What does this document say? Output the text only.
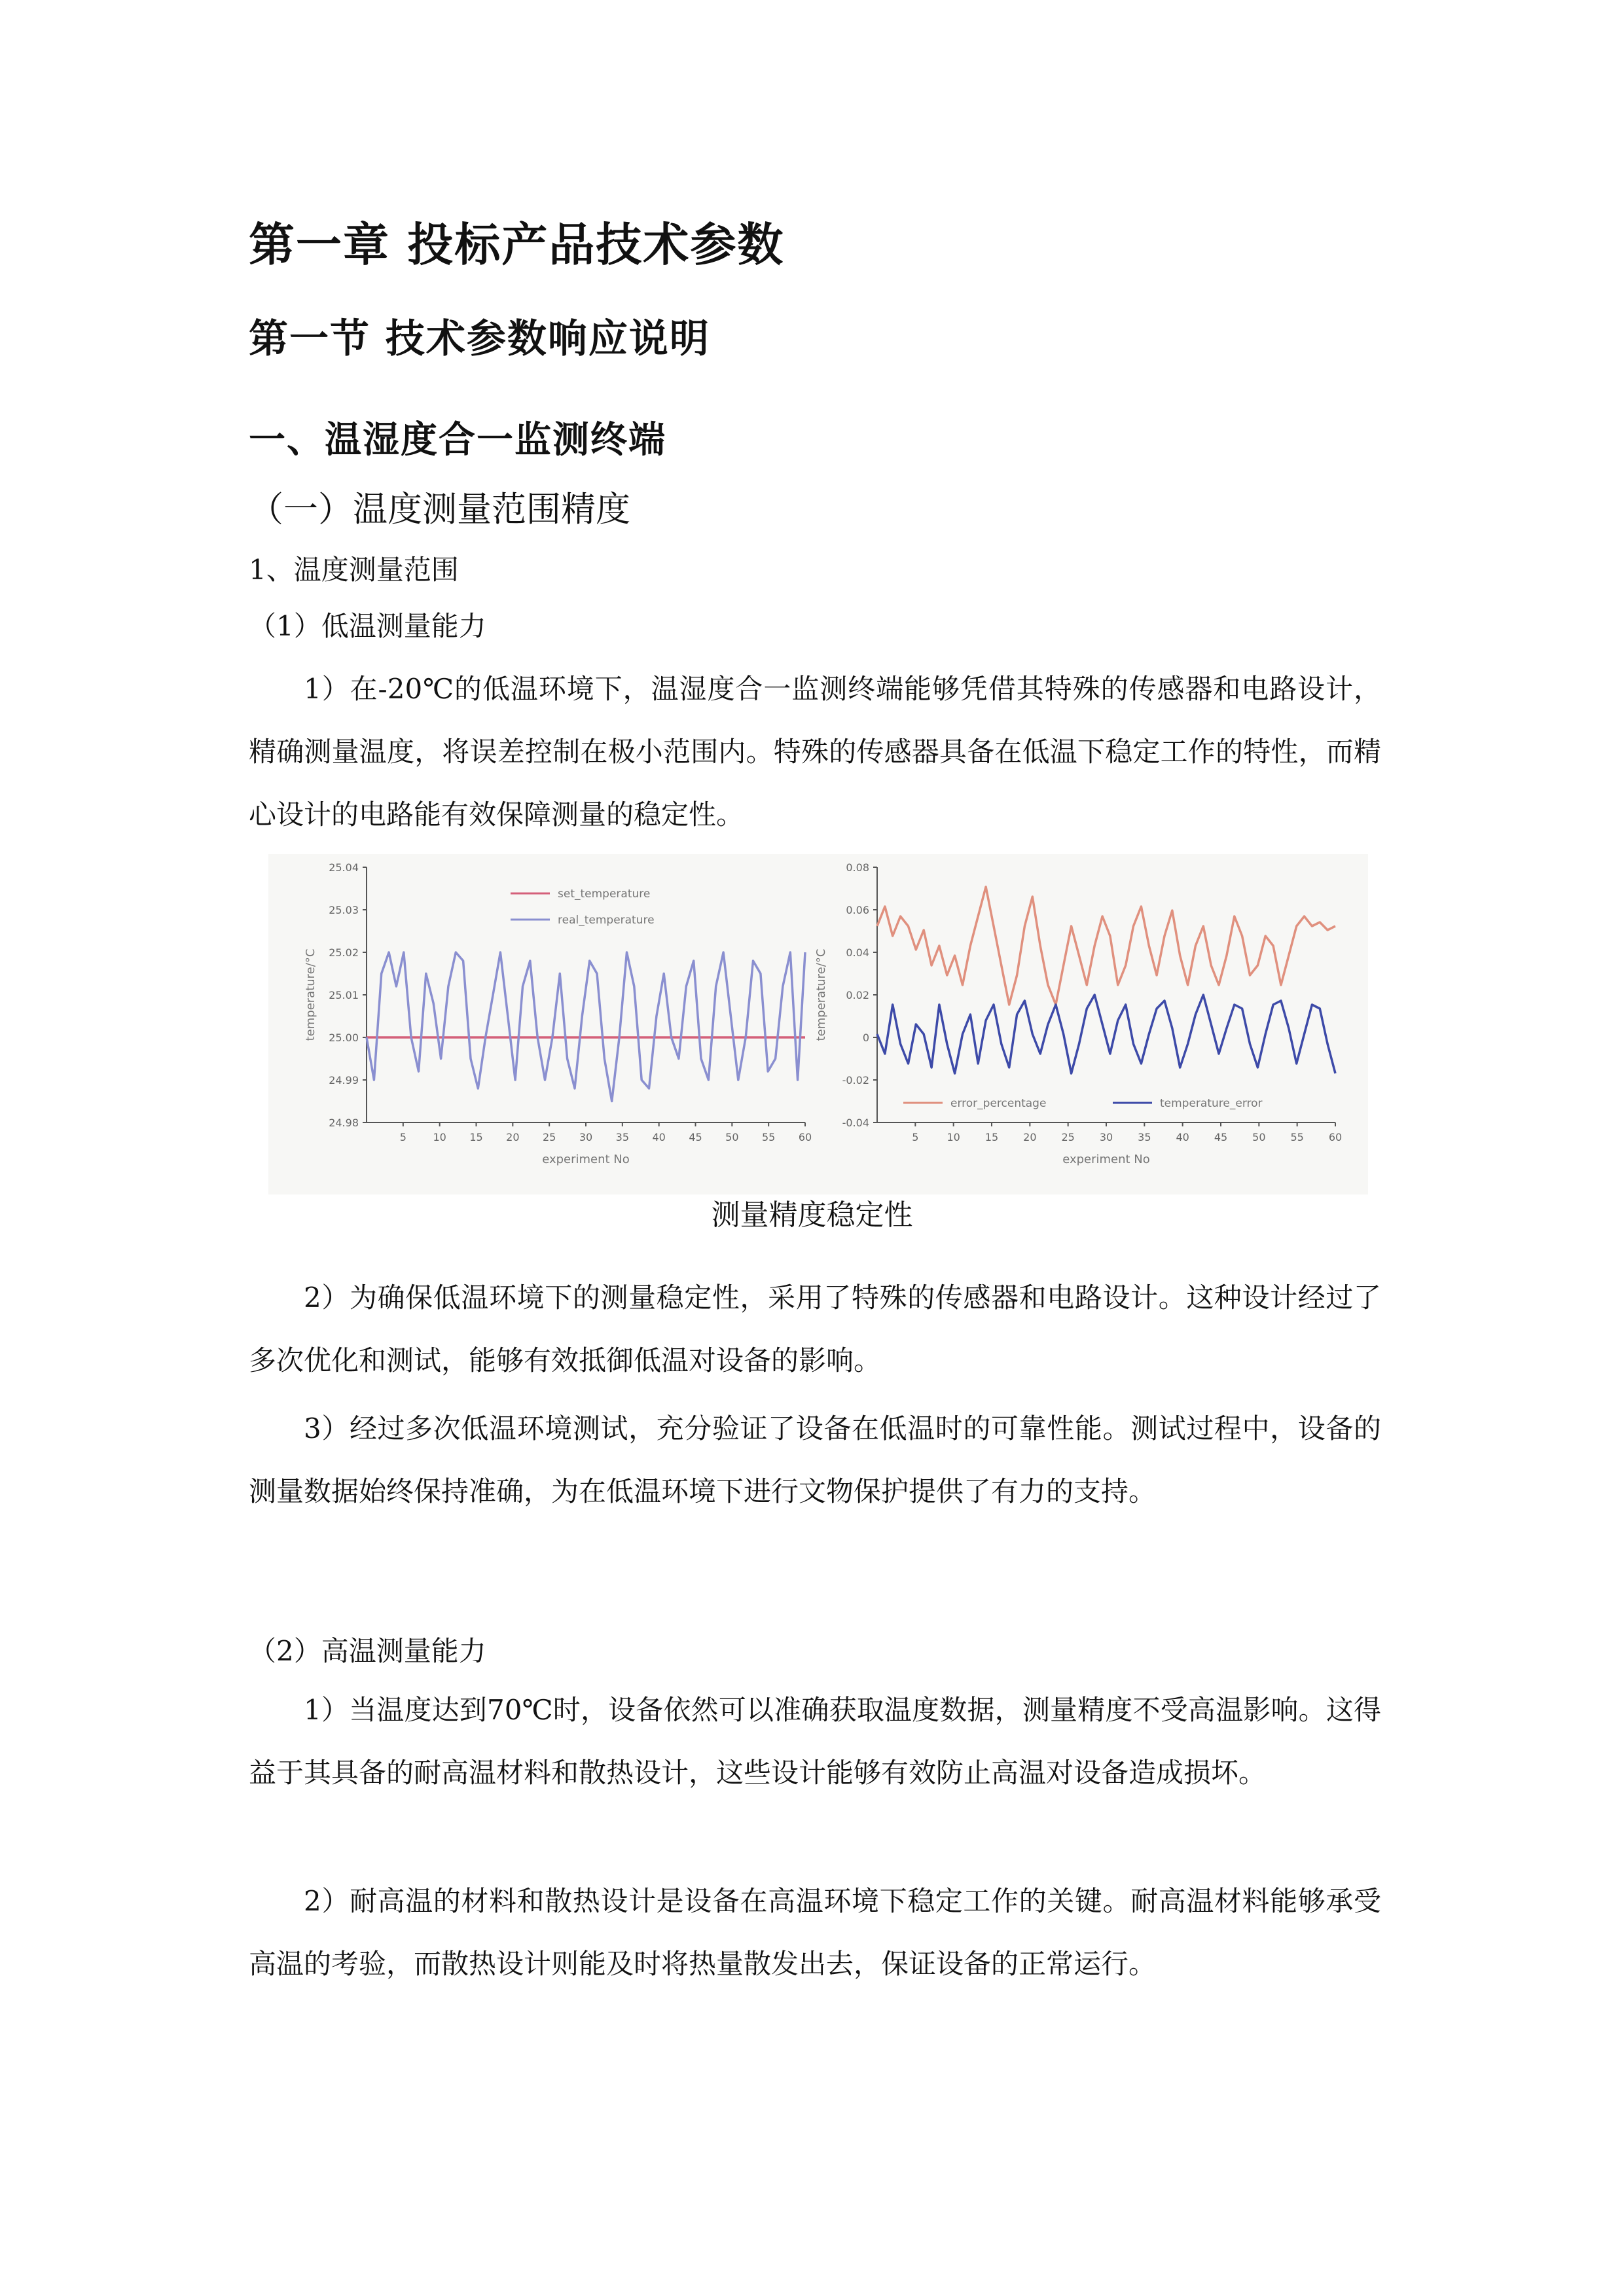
第一章 投标产品技术参数
第一节 技术参数响应说明
一、温湿度合一监测终端
（一）温度测量范围精度
1、温度测量范围
（1）低温测量能力

1）在-20℃的低温环境下，温湿度合一监测终端能够凭借其特殊的传感器和电路设计，精确测量温度，将误差控制在极小范围内。特殊的传感器具备在低温下稳定工作的特性，而精心设计的电路能有效保障测量的稳定性。

25.04
25.03
25.02
25.01
25.00
24.99
24.98
5	10 15 20 25 30 35 40 45 50 55 60
experiment No
temperature/°C
set_temperature
real_temperature
0.08
0.06
0.04
0.02
0
-0.02
-0.04
5	10 15 20 25 30 35 40 45 50 55 60
experiment No
temperature/°C
error_percentage	temperature_error
测量精度稳定性

2）为确保低温环境下的测量稳定性，采用了特殊的传感器和电路设计。这种设计经过了多次优化和测试，能够有效抵御低温对设备的影响。

3）经过多次低温环境测试，充分验证了设备在低温时的可靠性能。测试过程中，设备的测量数据始终保持准确，为在低温环境下进行文物保护提供了有力的支持。

（2）高温测量能力

1）当温度达到70℃时，设备依然可以准确获取温度数据，测量精度不受高温影响。这得益于其具备的耐高温材料和散热设计，这些设计能够有效防止高温对设备造成损坏。

2）耐高温的材料和散热设计是设备在高温环境下稳定工作的关键。耐高温材料能够承受高温的考验，而散热设计则能及时将热量散发出去，保证设备的正常运行。
